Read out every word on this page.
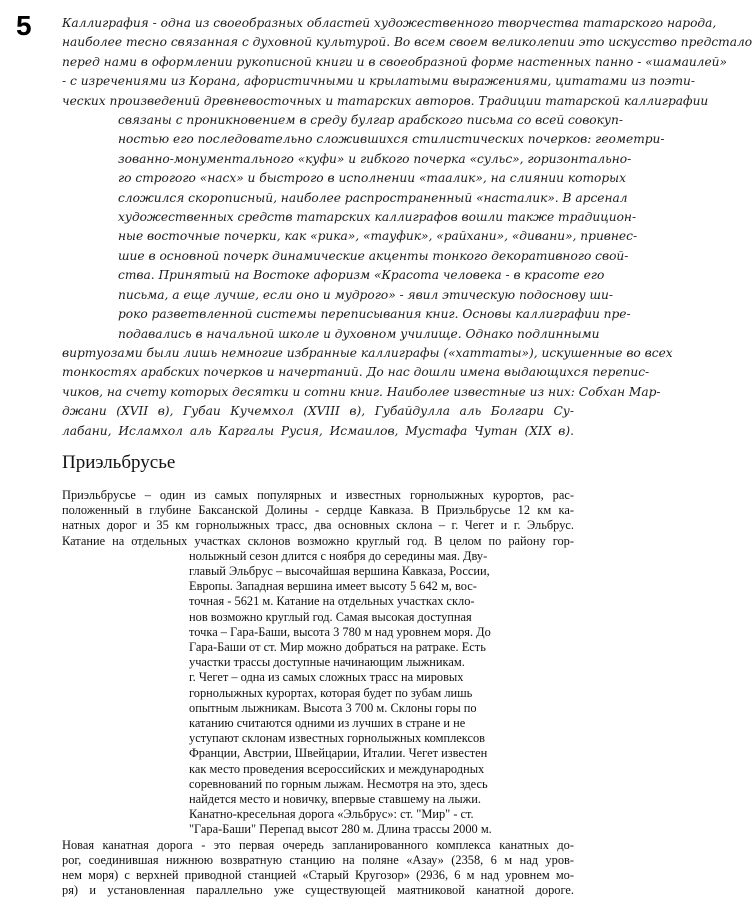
5 Каллиграфия - одна из своеобразных областей художественного творчества татарского народа,
наиболее тесно связанная с духовной культурой. Во всем своем великолепии это искусство предстало
перед нами в оформлении рукописной книги и в своеобразной форме настенных панно - «шамаилей»
- с изречениями из Корана, афористичными и крылатыми выражениями, цитатами из поэти-
ческих произведений древневосточных и татарских авторов. Традиции татарской каллиграфии
связаны с проникновением в среду булгар арабского письма со всей совокуп-
ностью его последовательно сложившихся стилистических почерков: геометри-
зованно-монументального «куфи» и гибкого почерка «сульс», горизонтально-
го строгого «насх» и быстрого в исполнении «таалик», на слиянии которых
сложился скорописный, наиболее распространенный «насталик». В арсенал
художественных средств татарских каллиграфов вошли также традицион-
ные восточные почерки, как «рика», «тауфик», «райхани», «дивани», привнес-
шие в основной почерк динамические акценты тонкого декоративного свой-
ства. Принятый на Востоке афоризм «Красота человека - в красоте его
письма, а еще лучше, если оно и мудрого» - явил этическую подоснову ши-
роко разветвленной системы переписывания книг. Основы каллиграфии пре-
подавались в начальной школе и духовном училище. Однако подлинными
виртуозами были лишь немногие избранные каллиграфы («хаттаты»), искушенные во всех
тонкостях арабских почерков и начертаний. До нас дошли имена выдающихся перепис-
чиков, на счету которых десятки и сотни книг. Наиболее известные из них: Собхан Мар-
джани (XVII в), Губаи Кучемхол (XVIII в), Губайдулла аль Болгари Су-
лабани, Исламхол аль Каргалы Русия, Исмаилов, Мустафа Чутан (XIX в).
Приэльбрусье
Приэльбрусье – один из самых популярных и известных горнолыжных курортов, рас-
положенный в глубине Баксанской Долины - сердце Кавказа. В Приэльбрусье 12 км ка-
натных дорог и 35 км горнолыжных трасс, два основных склона – г. Чегет и г. Эльбрус.
Катание на отдельных участках склонов возможно круглый год. В целом по району гор-
нолыжный сезон длится с ноября до середины мая. Дву-
главый Эльбрус – высочайшая вершина Кавказа, России,
Европы. Западная вершина имеет высоту 5 642 м, вос-
точная - 5621 м. Катание на отдельных участках скло-
нов возможно круглый год. Самая высокая доступная
точка – Гара-Баши, высота 3 780 м над уровнем моря. До
Гара-Баши от ст. Мир можно добраться на ратраке. Есть
участки трассы доступные начинающим лыжникам.
г. Чегет – одна из самых сложных трасс на мировых
горнолыжных курортах, которая будет по зубам лишь
опытным лыжникам. Высота 3 700 м. Склоны горы по
катанию считаются одними из лучших в стране и не
уступают склонам известных горнолыжных комплексов
Франции, Австрии, Швейцарии, Италии. Чегет известен
как место проведения всероссийских и международных
соревнований по горным лыжам. Несмотря на это, здесь
найдется место и новичку, впервые ставшему на лыжи.
Канатно-кресельная дорога «Эльбрус»: ст. "Мир" - ст.
"Гара-Баши" Перепад высот 280 м. Длина трассы 2000 м.
Новая канатная дорога - это первая очередь запланированного комплекса канатных до-
рог, соединившая нижнюю возвратную станцию на поляне «Азау» (2358, 6 м над уров-
нем моря) с верхней приводной станцией «Старый Кругозор» (2936, 6 м над уровнем мо-
ря) и установленная параллельно уже существующей маятниковой канатной дороге.
